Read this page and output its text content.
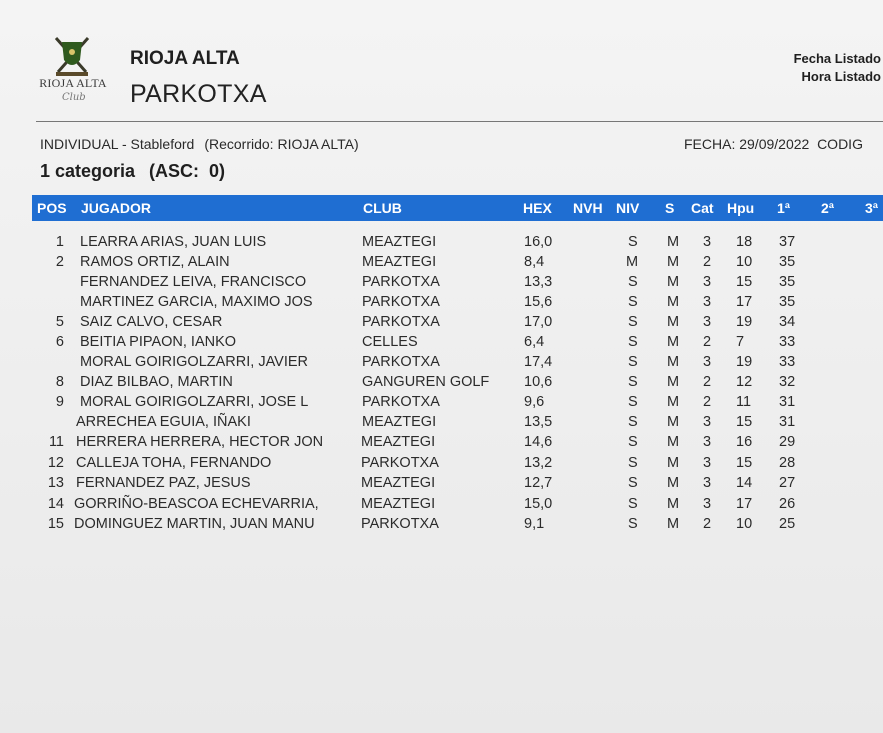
RIOJA ALTA
Club
RIOJA ALTA
PARKOTXA
Fecha Listado
Hora Listado
INDIVIDUAL - Stableford (Recorrido: RIOJA ALTA)	FECHA: 29/09/2022  CODIG
1 categoria (ASC:  0)
POS JUGADOR	CLUB	HEX NVH NIV S Cat Hpu 1ª 2ª 3ª
1 LEARRA ARIAS, JUAN LUIS	MEAZTEGI	16,0	S M 3 18 37
2 RAMOS ORTIZ, ALAIN	MEAZTEGI	8,4	M M 2 10 35
FERNANDEZ LEIVA, FRANCISCO	PARKOTXA	13,3	S M 3 15 35
MARTINEZ GARCIA, MAXIMO JOS	PARKOTXA	15,6	S M 3 17 35
5 SAIZ CALVO, CESAR	PARKOTXA	17,0	S M 3 19 34
6 BEITIA PIPAON, IANKO	CELLES	6,4	S M 2 7 33
MORAL GOIRIGOLZARRI, JAVIER	PARKOTXA	17,4	S M 3 19 33
8 DIAZ BILBAO, MARTIN	GANGUREN GOLF 10,6	S M 2 12 32
9 MORAL GOIRIGOLZARRI, JOSE L	PARKOTXA	9,6	S M 2 11 31
ARRECHEA EGUIA, IÑAKI	MEAZTEGI	13,5	S M 3 15 31
11 HERRERA HERRERA, HECTOR JON	MEAZTEGI	14,6	S M 3 16 29
12 CALLEJA TOHA, FERNANDO	PARKOTXA	13,2	S M 3 15 28
13 FERNANDEZ PAZ, JESUS	MEAZTEGI	12,7	S M 3 14 27
14 GORRIÑO-BEASCOA ECHEVARRIA,	MEAZTEGI	15,0	S M 3 17 26
15 DOMINGUEZ MARTIN, JUAN MANU	PARKOTXA	9,1	S M 2 10 25
